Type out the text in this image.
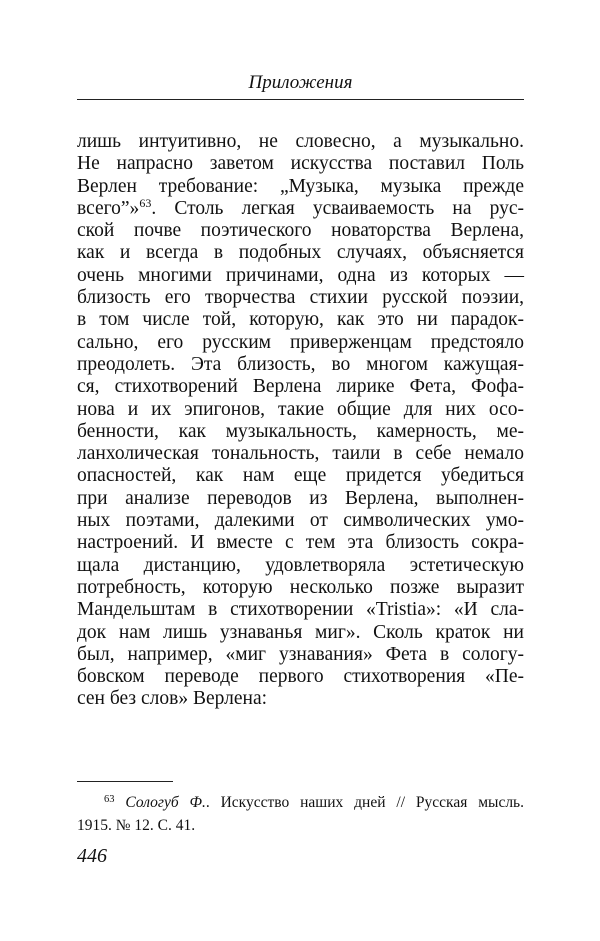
Приложения
лишь интуитивно, не словесно, а музыкально.
Не напрасно заветом искусства поставил Поль
Верлен требование: „Музыка, музыка прежде
всего”»$^{63}$. Столь легкая усваиваемость на рус-
ской почве поэтического новаторства Верлена,
как и всегда в подобных случаях, объясняется
очень многими причинами, одна из которых —
близость его творчества стихии русской поэзии,
в том числе той, которую, как это ни парадок-
сально, его русским приверженцам предстояло
преодолеть. Эта близость, во многом кажущая-
ся, стихотворений Верлена лирике Фета, Фофа-
нова и их эпигонов, такие общие для них осо-
бенности, как музыкальность, камерность, ме-
ланхолическая тональность, таили в себе немало
опасностей, как нам еще придется убедиться
при анализе переводов из Верлена, выполнен-
ных поэтами, далекими от символических умо-
настроений. И вместе с тем эта близость сокра-
щала дистанцию, удовлетворяла эстетическую
потребность, которую несколько позже выразит
Мандельштам в стихотворении «Tristia»: «И сла-
док нам лишь узнаванья миг». Сколь краток ни
был, например, «миг узнавания» Фета в сологу-
бовском переводе первого стихотворения «Пе-
сен без слов» Верлена:
$^{63}$ Сологуб Ф.. Искусство наших дней // Русская мысль.
1915. № 12. С. 41.
446
